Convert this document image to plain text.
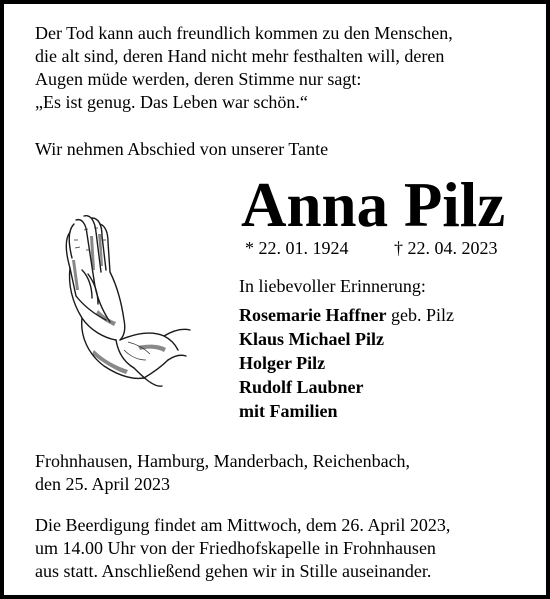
Der Tod kann auch freundlich kommen zu den Menschen,
die alt sind, deren Hand nicht mehr festhalten will, deren
Augen müde werden, deren Stimme nur sagt:
„Es ist genug. Das Leben war schön.“
Wir nehmen Abschied von unserer Tante
Anna Pilz
* 22. 01. 1924	† 22. 04. 2023
In liebevoller Erinnerung:
Rosemarie Haffner geb. Pilz
Klaus Michael Pilz
Holger Pilz
Rudolf Laubner
mit Familien
Frohnhausen, Hamburg, Manderbach, Reichenbach,
den 25. April 2023
Die Beerdigung findet am Mittwoch, dem 26. April 2023,
um 14.00 Uhr von der Friedhofskapelle in Frohnhausen
aus statt. Anschließend gehen wir in Stille auseinander.
